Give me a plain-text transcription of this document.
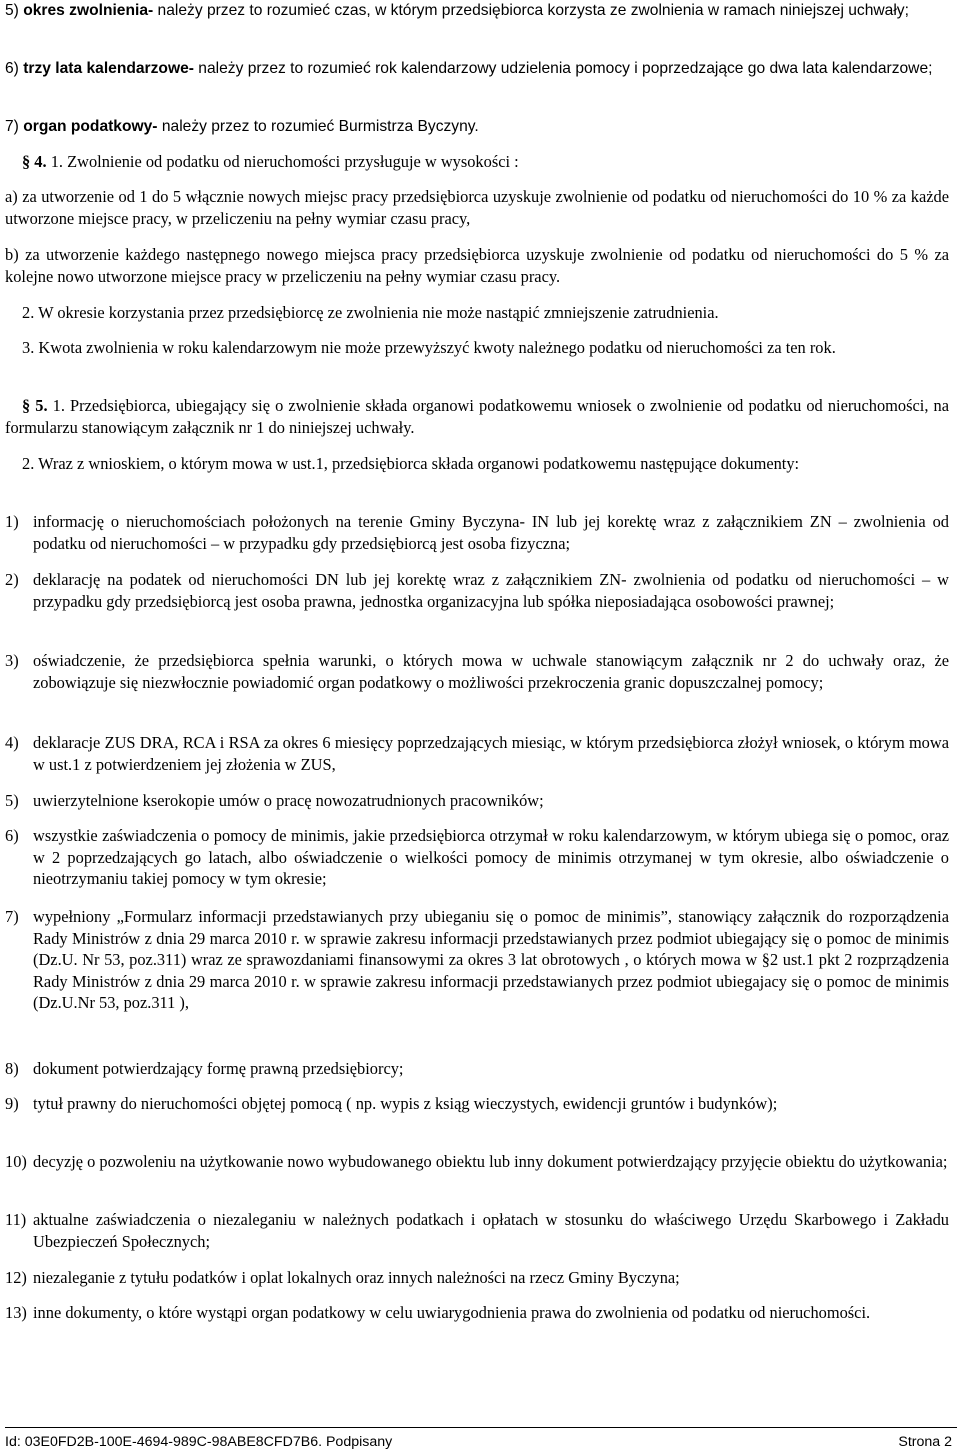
5) okres zwolnienia- należy przez to rozumieć czas, w którym przedsiębiorca korzysta ze zwolnienia w ramach niniejszej uchwały;

6) trzy lata kalendarzowe- należy przez to rozumieć rok kalendarzowy udzielenia pomocy i poprzedzające go dwa lata kalendarzowe;

7) organ podatkowy- należy przez to rozumieć Burmistrza Byczyny.

§ 4. 1. Zwolnienie od podatku od nieruchomości przysługuje w wysokości :

a) za utworzenie od 1 do 5 włącznie nowych miejsc pracy przedsiębiorca uzyskuje zwolnienie od podatku od nieruchomości do 10 % za każde utworzone miejsce pracy, w przeliczeniu na pełny wymiar czasu pracy,

b) za utworzenie każdego następnego nowego miejsca pracy przedsiębiorca uzyskuje zwolnienie od podatku od nieruchomości do 5 % za kolejne nowo utworzone miejsce pracy w przeliczeniu na pełny wymiar czasu pracy.

2. W okresie korzystania przez przedsiębiorcę ze zwolnienia nie może nastąpić zmniejszenie zatrudnienia.

3. Kwota zwolnienia w roku kalendarzowym nie może przewyższyć kwoty należnego podatku od nieruchomości za ten rok.

§ 5. 1. Przedsiębiorca, ubiegający się o zwolnienie składa organowi podatkowemu wniosek o zwolnienie od podatku od nieruchomości, na formularzu stanowiącym załącznik nr 1 do niniejszej uchwały.

2. Wraz z wnioskiem, o którym mowa w ust.1, przedsiębiorca składa organowi podatkowemu następujące dokumenty:

1) informację o nieruchomościach położonych na terenie Gminy Byczyna- IN lub jej korektę wraz z załącznikiem ZN – zwolnienia od podatku od nieruchomości – w przypadku gdy przedsiębiorcą jest osoba fizyczna;
2) deklarację na podatek od nieruchomości DN lub jej korektę wraz z załącznikiem ZN- zwolnienia od podatku od nieruchomości – w przypadku gdy przedsiębiorcą jest osoba prawna, jednostka organizacyjna lub spółka nieposiadająca osobowości prawnej;
3) oświadczenie, że przedsiębiorca spełnia warunki, o których mowa w uchwale stanowiącym załącznik nr 2 do uchwały oraz, że zobowiązuje się niezwłocznie powiadomić organ podatkowy o możliwości przekroczenia granic dopuszczalnej pomocy;
4) deklaracje ZUS DRA, RCA i RSA za okres 6 miesięcy poprzedzających miesiąc, w którym przedsiębiorca złożył wniosek, o którym mowa w ust.1 z potwierdzeniem jej złożenia w ZUS,
5) uwierzytelnione kserokopie umów o pracę nowozatrudnionych pracowników;
6) wszystkie zaświadczenia o pomocy de minimis, jakie przedsiębiorca otrzymał w roku kalendarzowym, w którym ubiega się o pomoc, oraz w 2 poprzedzających go latach, albo oświadczenie o wielkości pomocy de minimis otrzymanej w tym okresie, albo oświadczenie o nieotrzymaniu takiej pomocy w tym okresie;
7) wypełniony „Formularz informacji przedstawianych przy ubieganiu się o pomoc de minimis”, stanowiący załącznik do rozporządzenia Rady Ministrów z dnia 29 marca 2010 r. w sprawie zakresu informacji przedstawianych przez podmiot ubiegający się o pomoc de minimis (Dz.U. Nr 53, poz.311) wraz ze sprawozdaniami finansowymi za okres 3 lat obrotowych , o których mowa w §2 ust.1 pkt 2 rozprządzenia Rady Ministrów z dnia 29 marca 2010 r. w sprawie zakresu informacji przedstawianych przez podmiot ubiegajacy się o pomoc de minimis (Dz.U.Nr 53, poz.311 ),
8) dokument potwierdzający formę prawną przedsiębiorcy;
9) tytuł prawny do nieruchomości objętej pomocą ( np. wypis z ksiąg wieczystych, ewidencji gruntów i budynków);
10) decyzję o pozwoleniu na użytkowanie nowo wybudowanego obiektu lub inny dokument potwierdzający przyjęcie obiektu do użytkowania;
11) aktualne zaświadczenia o niezaleganiu w należnych podatkach i opłatach w stosunku do właściwego Urzędu Skarbowego i Zakładu Ubezpieczeń Społecznych;
12) niezaleganie z tytułu podatków i oplat lokalnych oraz innych należności na rzecz Gminy Byczyna;
13) inne dokumenty, o które wystąpi organ podatkowy w celu uwiarygodnienia prawa do zwolnienia od podatku od nieruchomości.
Id: 03E0FD2B-100E-4694-989C-98ABE8CFD7B6. Podpisany	Strona 2
